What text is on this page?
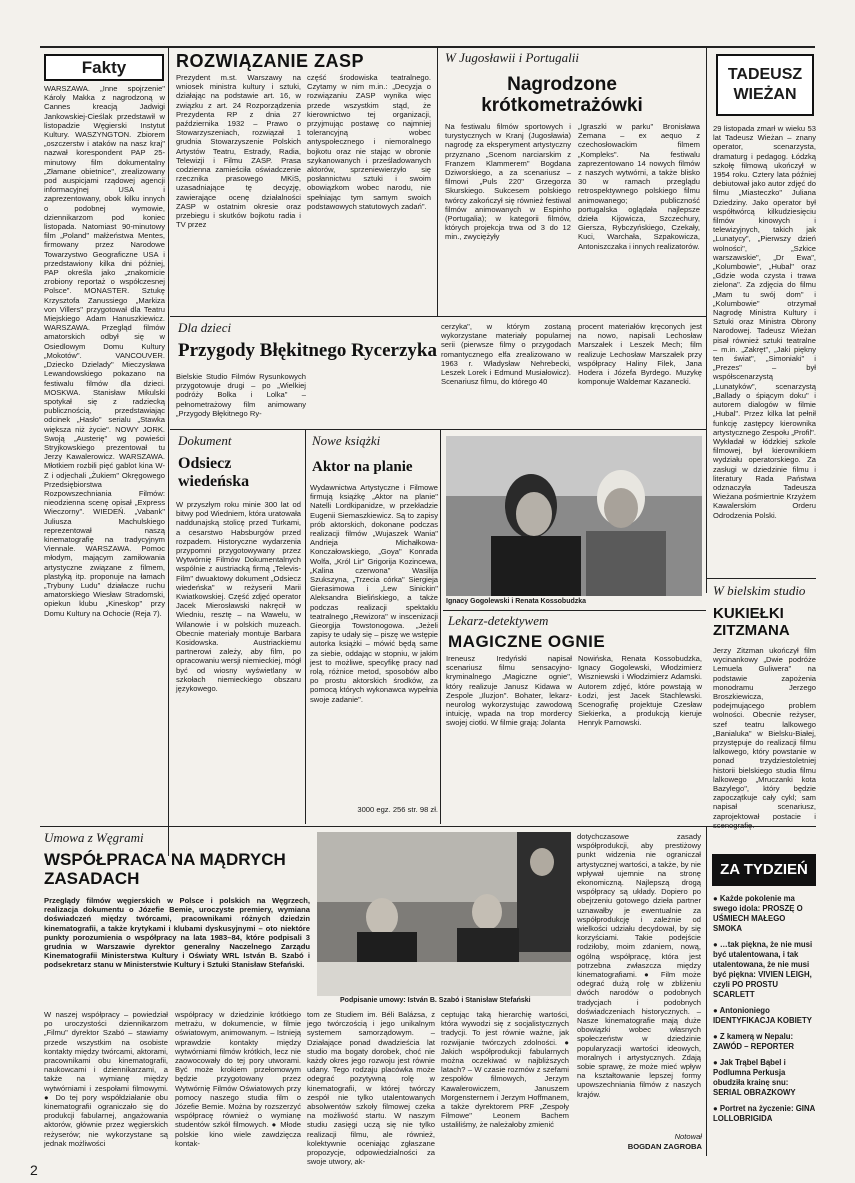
Fakty
WARSZAWA. „Inne spojrzenie" Károly Makka z nagrodzoną w Cannes kreacją Jadwigi Jankowskiej-Cieślak przedstawił w listopadzie Węgierski Instytut Kultury. WASZYNGTON. Zbiorem „oszczerstw i ataków na nasz kraj" nazwał korespondent PAP 25-minutowy film dokumentalny „Złamane obietnice", zrealizowany pod auspicjami rządowej agencji informacyjnej USA i zaprezentowany, obok kilku innych o podobnej wymowie, dziennikarzom pod koniec listopada. Natomiast 90-minutowy film „Poland" małżeństwa Mentes, firmowany przez Narodowe Towarzystwo Geograficzne USA i przedstawiony kilka dni później, PAP określa jako „znakomicie zrobiony reportaż o współczesnej Polsce". MONASTER. Sztukę Krzysztofa Zanussiego „Markiza von Villers" przygotował dla Teatru Miejskiego Adam Hanuszkiewicz. WARSZAWA. Przegląd filmów amatorskich odbył się w Osiedlowym Domu Kultury „Mokotów". VANCOUVER. „Dziecko Dzielady" Mieczysława Lewandowskiego pokazano na festiwalu filmów dla dzieci. MOSKWA. Stanisław Mikulski spotykał się z radziecką publicznością, przedstawiając odcinek „Hasło" serialu „Stawka większa niż życie". NOWY JORK. Swoją „Austerię" wg powieści Stryjkowskiego prezentował tu Jerzy Kawalerowicz. WARSZAWA. Młotkiem rozbili pięć gablot kina W-Z i odjechali „Żukiem" Okręgowego Przedsiębiorstwa Rozpowszechniania Filmów: nieodzienna scenę opisał „Express Wieczorny". WIEDEŃ. „Vabank" Juliusza Machulskiego reprezentował naszą kinematografię na tradycyjnym Viennale. WARSZAWA. Pomoc młodym, mającym zamiłowania artystyczne związane z filmem, plastyką itp. proponuje na łamach „Trybuny Ludu" działacze ruchu amatorskiego Wiesław Stradomski, opiekun klubu „Kineskop" przy Domu Kultury na Ochocie (Reja 7).
ROZWIĄZANIE ZASP
Prezydent m.st. Warszawy na wniosek ministra kultury i sztuki, działając na podstawie art. 16, w związku z art. 24 Rozporządzenia Prezydenta RP z dnia 27 października 1932 – Prawo o Stowarzyszeniach, rozwiązał 1 grudnia Stowarzyszenie Polskich Artystów Teatru, Estrady, Radia, Telewizji i Filmu ZASP. Prasa codzienna zamieściła oświadczenie rzecznika prasowego MKiS, uzasadniające tę decyzję, zawierające ocenę działalności ZASP w ostatnim okresie oraz przebiegu i skutków bojkotu radia i TV przez
część środowiska teatralnego. Czytamy w nim m.in.: „Decyzja o rozwiązaniu ZASP wynika więc przede wszystkim stąd, że kierownictwo tej organizacji, przyjmując postawę co najmniej tolerancyjną wobec antyspołecznego i niemoralnego bojkotu oraz nie stając w obronie szykanowanych i prześladowanych aktorów, sprzeniewierzyło się posłannictwu sztuki i swoim obowiązkom wobec narodu, nie spełniając tym samym swoich podstawowych statutowych zadań".
W Jugosławii i Portugalii
Nagrodzone krótkometrażówki
Na festiwalu filmów sportowych i turystycznych w Kranj (Jugosławia) nagrodę za eksperyment artystyczny przyznano „Scenom narciarskim z Franzem Klammerem" Bogdana Dziworskiego, a za scenariusz – filmowi „Puls 220" Grzegorza Skurskiego. Sukcesem polskiego twórcy zakończył się również festiwal filmów animowanych w Espinho (Portugalia); w kategorii filmów, których projekcja trwa od 3 do 12 min., zwyciężyły
„Igraszki w parku" Bronisława Zemana – ex aequo z czechosłowackim filmem „Kompleks". Na festiwalu zaprezentowano 14 nowych filmów z naszych wytwórni, a także blisko 30 w ramach przeglądu retrospektywnego polskiego filmu animowanego; publiczność portugalska oglądała najlepsze dzieła Kijowicza, Szczechury, Giersza, Rybczyńskiego, Czekały, Kuci, Warchała, Szpakowicza, Antoniszczaka i innych realizatorów.
TADEUSZ WIEŻAN
29 listopada zmarł w wieku 53 lat Tadeusz Wieżan – znany operator, scenarzysta, dramaturg i pedagog. Łódzką szkołę filmową ukończył w 1954 roku. Cztery lata później debiutował jako autor zdjęć do filmu „Miasteczko" Juliana Dziedziny. Jako operator był współtwórcą kilkudziesięciu filmów kinowych i telewizyjnych, takich jak „Lunatycy", „Pierwszy dzień wolności", „Szkice warszawskie", „Dr Ewa", „Kolumbowie", „Hubal" oraz „Gdzie woda czysta i trawa zielona". Za zdjęcia do filmu „Mam tu swój dom" i „Kolumbowie" otrzymał Nagrodę Ministra Kultury i Sztuki oraz Ministra Obrony Narodowej. Tadeusz Wieżan pisał również sztuki teatralne – m.in. „Zakręt", „Jaki piękny ten świat", „Simoniaki" i „Prezes" – był współscenarzystą „Lunatyków", scenarzystą „Ballady o śpiącym doku" i autorem dialogów w filmie „Hubal". Przez kilka lat pełnił funkcję zastępcy kierownika artystycznego Zespołu „Profil". Wykładał w łódzkiej szkole filmowej, był kierownikiem wydziału operatorskiego. Za zasługi w dziedzinie filmu i literatury Rada Państwa odznaczyła Tadeusza Wieżana pośmiertnie Krzyżem Kawalerskim Orderu Odrodzenia Polski.
Dla dzieci
Przygody Błękitnego Rycerzyka
Bielskie Studio Filmów Rysunkowych przygotowuje drugi – po „Wielkiej podróży Bolka i Lolka" – pełnometrażowy film animowany „Przygody Błękitnego Ry-
cerzyka", w którym zostaną wykorzystane materiały popularnej serii (pierwsze filmy o przygodach romantycznego elfa zrealizowano w 1963 r. Władysław Nehrebecki, Leszek Lorek i Edmund Musiałowicz). Scenariusz filmu, do którego 40
procent materiałów kręconych jest na nowo, napisali Lechosław Marszałek i Leszek Mech; film realizuje Lechosław Marszałek przy współpracy Haliny Filek, Jana Hodera i Józefa Byrdego. Muzykę komponuje Waldemar Kazanecki.
Dokument
Odsiecz wiedeńska
W przyszłym roku minie 300 lat od bitwy pod Wiedniem, która uratowała naddunajską stolicę przed Turkami, a cesarstwo Habsburgów przed rozpadem. Historyczne wydarzenia przypomni przygotowywany przez Wytwórnię Filmów Dokumentalnych wspólnie z austriacką firmą „Televis-Film" dwuaktowy dokument „Odsiecz wiedeńska" w reżyserii Marii Kwiatkowskiej. Część zdjęć operator Jacek Mierosławski nakręcił w Wiedniu, resztę – na Wawelu, w Wilanowie i w polskich muzeach. Obecnie materiały montuje Barbara Kosidowska. Austriackiemu partnerowi zależy, aby film, po opracowaniu wersji niemieckiej, mógł być od wiosny wyświetlany w szkołach niemieckiego obszaru językowego.
Nowe książki
Aktor na planie
Wydawnictwa Artystyczne i Filmowe firmują książkę „Aktor na planie" Natelli Lordkipanidze, w przekładzie Eugenii Siemaszkiewicz. Są to zapisy prób aktorskich, dokonane podczas realizacji filmów „Wujaszek Wania" Andrieja Michałkowa-Konczałowskiego, „Goya" Konrada Wolfa, „Król Lir" Grigorija Kozincewa, „Kalina czerwona" Wasilija Szukszyna, „Trzecia córka" Siergieja Gierasimowa i „Lew Sinickin" Aleksandra Bielińskiego, a także podczas realizacji spektaklu teatralnego „Rewizora" w inscenizacji Gieorgija Towstonogowa. „Jeżeli zapisy te udały się – piszę we wstępie autorka książki – mówić będą same za siebie, oddając w stopniu, w jakim jest to możliwe, specyfikę pracy nad rolą, różnice metod, sposobów albo po prostu aktorskich środków, za pomocą których wykonawca wypełnia swoje zadanie".
3000 egz. 256 str. 98 zł.
Ignacy Gogolewski i Renata Kossobudzka
Lekarz-detektywem
MAGICZNE OGNIE
Ireneusz Iredyński napisał scenariusz filmu sensacyjno-kryminalnego „Magiczne ognie", który realizuje Janusz Kidawa w Zespole „Iluzjon". Bohater, lekarz-neurolog wykorzystując zawodową intuicję, wpada na trop mordercy swojej ciotki. W filmie grają: Jolanta
Nowińska, Renata Kossobudzka, Ignacy Gogolewski, Włodzimierz Wiszniewski i Włodzimierz Adamski. Autorem zdjęć, które powstają w Łodzi, jest Jacek Stachlewski. Scenografię projektuje Czesław Siekierka, a produkcją kieruje Henryk Parnowski.
W bielskim studio
KUKIEŁKI ZITZMANA
Jerzy Zitzman ukończył film wycinankowy „Dwie podróże Lemuela Guliwera" na podstawie zapożenia monodramu Jerzego Broszkiewicza, podejmującego problem wolności. Obecnie reżyser, szef teatru lalkowego „Banialuka" w Bielsku-Białej, przystępuje do realizacji filmu lalkowego, który powstanie w ponad trzydziestoletniej historii bielskiego studia filmu lalkowego „Mruczanki kota Bazylego", który będzie zapoczątkuje cały cykl; sam napisał scenariusz, zaprojektował postacie i
Umowa z Węgrami
WSPÓŁPRACA NA MĄDRYCH ZASADACH
Przeglądy filmów węgierskich w Polsce i polskich na Węgrzech, realizacja dokumentu o Józefie Bemie, uroczyste premiery, wymiana doświadczeń między twórcami, pracownikami różnych dziedzin kinematografii, a także krytykami i klubami dyskusyjnymi – oto niektóre punkty porozumienia o współpracy na lata 1983–84, które podpisali 3 grudnia w Warszawie dyrektor generalny Naczelnego Zarządu Kinematografii Ministerstwa Kultury i Oświaty WRL István B. Szabó i podsekretarz stanu w Ministerstwie Kultury i Sztuki Stanisław Stefański.
Podpisanie umowy: István B. Szabó i Stanisław Stefański
W naszej współpracy – powiedział po uroczystości dziennikarzom „Filmu" dyrektor Szabó – stawiamy przede wszystkim na osobiste kontakty między twórcami, aktorami, pracownikami obu kinematografii, naukowcami i dziennikarzami, a także na wymianę między wytwórniami i zespołami filmowymi. ● Do tej pory współdziałanie obu kinematografii ograniczało się do produkcji fabularnej, angażowania aktorów, głównie przez węgierskich reżyserów; nie wykorzystane są jednak możliwości
współpracy w dziedzinie krótkiego metrażu, w dokumencie, w filmie oświatowym, animowanym. – Istnieją wprawdzie kontakty między wytwórniami filmów krótkich, lecz nie zaowocowały do tej pory utworami. Być może krokiem przełomowym będzie przygotowany przez Wytwórnię Filmów Oświatowych przy pomocy naszego studia film o Józefie Bemie. Można by rozszerzyć współpracę również o wymianę studentów szkół filmowych. ● Młode polskie kino wiele zawdzięcza kontak-
tom ze Studiem im. Béli Balázsa, z jego twórczością i jego unikalnym systemem samorządowym. – Działające ponad dwadzieścia lat studio ma bogaty dorobek, choć nie każdy okres jego rozwoju jest równie udany. Tego rodzaju placówka może odegrać pozytywną rolę w kinematografii, w której twórczy zespół nie tylko utalentowanych absolwentów szkoły filmowej czeka na możliwość startu. W naszym studiu zasięgi uczą się nie tylko realizacji filmu, ale również, kolektywnie oceniając zgłaszane propozycje, odpowiedzialności za swoje utwory, ak-
ceptując taką hierarchię wartości, która wywodzi się z socjalistycznych tradycji. To jest równie ważne, jak rozwijanie twórczych zdolności. ● Jakich współprodukcji fabularnych można oczekiwać w najbliższych latach? – W czasie rozmów z szefami zespołów filmowych, Jerzym Kawalerowiczem, Januszem Morgensternem i Jerzym Hoffmanem, a także dyrektorem PRF „Zespoły Filmowe" Leonem Bachem ustaliliśmy, że należałoby zmienić
dotychczasowe zasady współprodukcji, aby prestiżowy punkt widzenia nie ograniczał artystycznej wartości, a także, by nie wpływał ujemnie na stronę ekonomiczną. Najlepszą drogą współpracy są układy. Dopiero po obejrzeniu gotowego dzieła partner uznawałby je ewentualnie za współprodukcję i zależnie od wielkości udziału decydował, by się korzyściami. Takie podejście rodziłoby, moim zdaniem, nową, ogólną współpracę, która jest potrzebna zwłaszcza między kinematografiami. ● Film może odegrać dużą rolę w zbliżeniu dwóch narodów o podobnych tradycjach i podobnych doświadczeniach historycznych. – Nasze kinematografie mają duże obowiązki wobec własnych społeczeństw w dziedzinie popularyzacji wartości ideowych, moralnych i artystycznych. Zdają sobie sprawę, że może mieć wpływ na kształtowanie lepszej formy upowszechniania filmów z naszych krajów.
Notował
BOGDAN ZAGROBA
ZA TYDZIEŃ

● Każde pokolenie ma swego idola: PROSZĘ O UŚMIECH MAŁEGO SMOKA

● …tak piękna, że nie musi być utalentowana, i tak utalentowana, że nie musi być piękna: VIVIEN LEIGH, czyli PO PROSTU SCARLETT

● Antonioniego IDENTYFIKACJA KOBIETY

● Z kamerą w Nepalu: ZAWÓD – REPORTER

● Jak Trąbel Bąbel i Podlumna Perkusja obudziła krainę snu: SERIAL OBRAZKOWY

● Portret na życzenie: GINA LOLLOBRIGIDA

2
